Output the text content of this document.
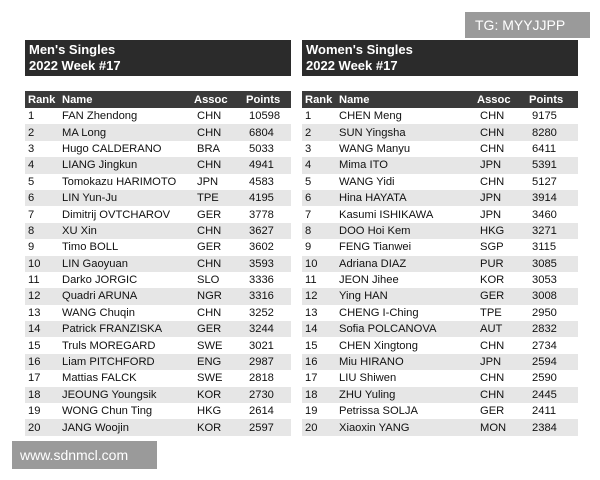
Men's Singles
2022 Week #17
Rank	Name	Assoc	Points
1	FAN Zhendong	CHN	10598
2	MA Long	CHN	6804
3	Hugo CALDERANO	BRA	5033
4	LIANG Jingkun	CHN	4941
5	Tomokazu HARIMOTO	JPN	4583
6	LIN Yun-Ju	TPE	4195
7	Dimitrij OVTCHAROV	GER	3778
8	XU Xin	CHN	3627
9	Timo BOLL	GER	3602
10	LIN Gaoyuan	CHN	3593
11	Darko JORGIC	SLO	3336
12	Quadri ARUNA	NGR	3316
13	WANG Chuqin	CHN	3252
14	Patrick FRANZISKA	GER	3244
15	Truls MOREGARD	SWE	3021
16	Liam PITCHFORD	ENG	2987
17	Mattias FALCK	SWE	2818
18	JEOUNG Youngsik	KOR	2730
19	WONG Chun Ting	HKG	2614
20	JANG Woojin	KOR	2597
Women's Singles
2022 Week #17
Rank	Name	Assoc	Points
1	CHEN Meng	CHN	9175
2	SUN Yingsha	CHN	8280
3	WANG Manyu	CHN	6411
4	Mima ITO	JPN	5391
5	WANG Yidi	CHN	5127
6	Hina HAYATA	JPN	3914
7	Kasumi ISHIKAWA	JPN	3460
8	DOO Hoi Kem	HKG	3271
9	FENG Tianwei	SGP	3115
10	Adriana DIAZ	PUR	3085
11	JEON Jihee	KOR	3053
12	Ying HAN	GER	3008
13	CHENG I-Ching	TPE	2950
14	Sofia POLCANOVA	AUT	2832
15	CHEN Xingtong	CHN	2734
16	Miu HIRANO	JPN	2594
17	LIU Shiwen	CHN	2590
18	ZHU Yuling	CHN	2445
19	Petrissa SOLJA	GER	2411
20	Xiaoxin YANG	MON	2384
TG: MYYJJPP
www.sdnmcl.com
